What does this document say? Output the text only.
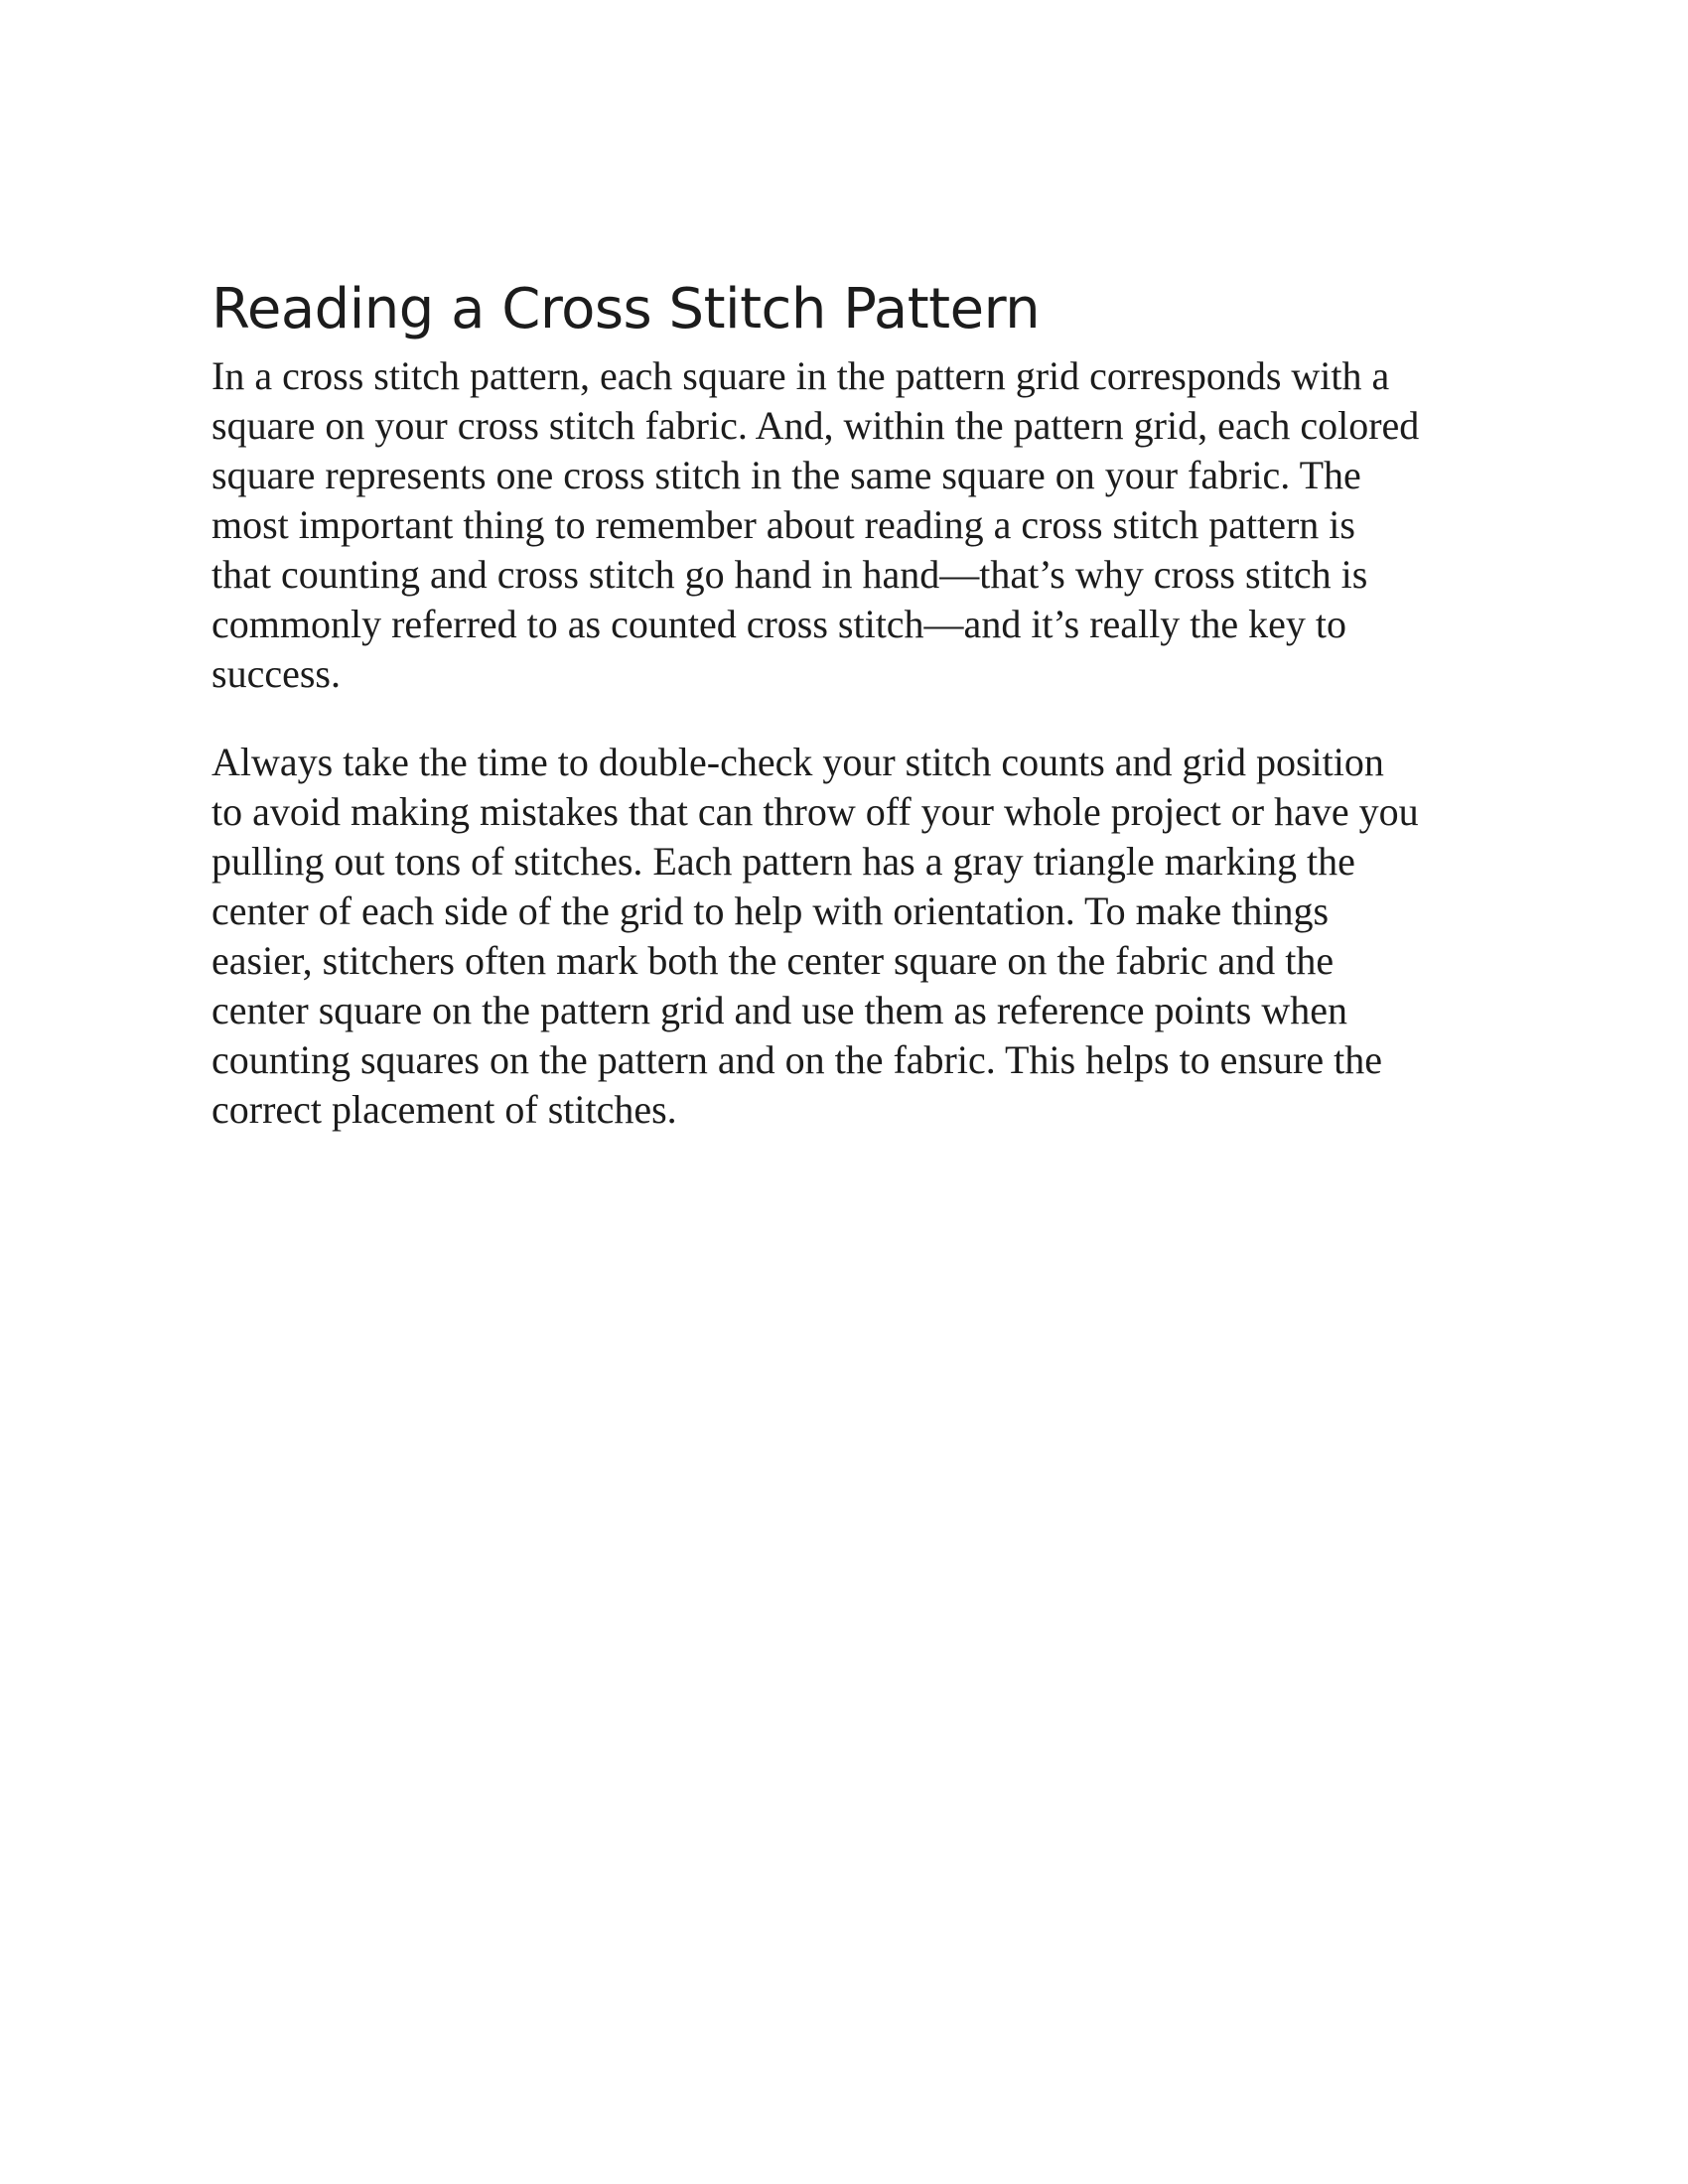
Reading a Cross Stitch Pattern

In a cross stitch pattern, each square in the pattern grid corresponds with a
square on your cross stitch fabric. And, within the pattern grid, each colored
square represents one cross stitch in the same square on your fabric. The
most important thing to remember about reading a cross stitch pattern is
that counting and cross stitch go hand in hand—that’s why cross stitch is
commonly referred to as counted cross stitch—and it’s really the key to
success.

Always take the time to double-check your stitch counts and grid position
to avoid making mistakes that can throw off your whole project or have you
pulling out tons of stitches. Each pattern has a gray triangle marking the
center of each side of the grid to help with orientation. To make things
easier, stitchers often mark both the center square on the fabric and the
center square on the pattern grid and use them as reference points when
counting squares on the pattern and on the fabric. This helps to ensure the
correct placement of stitches.
